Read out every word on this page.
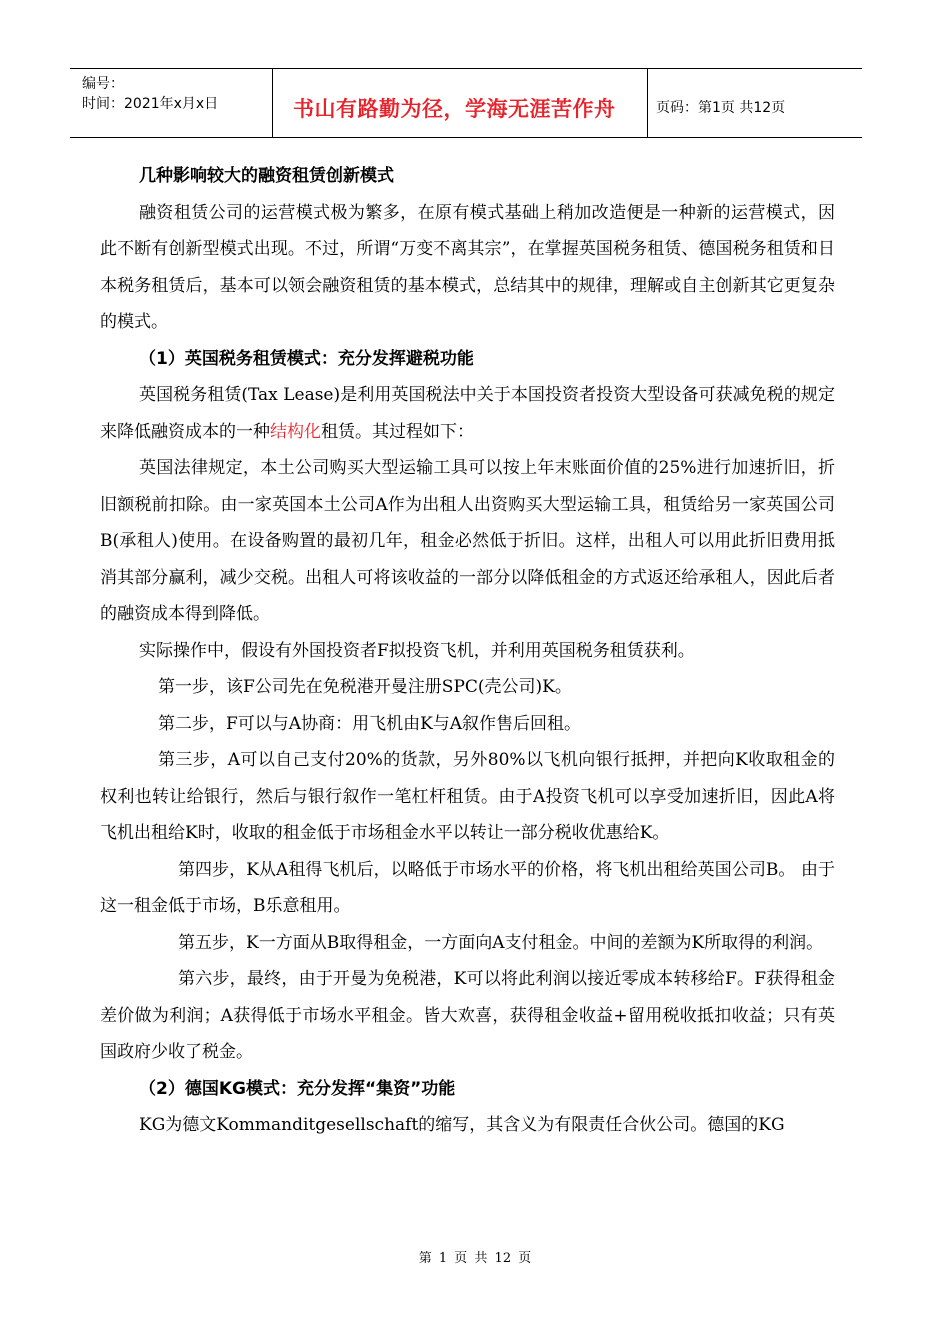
编号：
时间：2021年x月x日	书山有路勤为径，学海无涯苦作舟	页码：第1页 共12页

几种影响较大的融资租赁创新模式

融资租赁公司的运营模式极为繁多，在原有模式基础上稍加改造便是一种新的运营模式，因此不断有创新型模式出现。不过，所谓“万变不离其宗”，在掌握英国税务租赁、德国税务租赁和日本税务租赁后，基本可以领会融资租赁的基本模式，总结其中的规律，理解或自主创新其它更复杂的模式。

（1）英国税务租赁模式：充分发挥避税功能

英国税务租赁(Tax Lease)是利用英国税法中关于本国投资者投资大型设备可获减免税的规定来降低融资成本的一种结构化租赁。其过程如下：

英国法律规定，本土公司购买大型运输工具可以按上年末账面价值的25%进行加速折旧，折旧额税前扣除。由一家英国本土公司A作为出租人出资购买大型运输工具，租赁给另一家英国公司B(承租人)使用。在设备购置的最初几年，租金必然低于折旧。这样，出租人可以用此折旧费用抵消其部分赢利，减少交税。出租人可将该收益的一部分以降低租金的方式返还给承租人，因此后者的融资成本得到降低。

实际操作中，假设有外国投资者F拟投资飞机，并利用英国税务租赁获利。

第一步，该F公司先在免税港开曼注册SPC(壳公司)K。

第二步，F可以与A协商：用飞机由K与A叙作售后回租。

第三步，A可以自己支付20%的货款，另外80%以飞机向银行抵押，并把向K收取租金的权利也转让给银行，然后与银行叙作一笔杠杆租赁。由于A投资飞机可以享受加速折旧，因此A将飞机出租给K时，收取的租金低于市场租金水平以转让一部分税收优惠给K。

第四步，K从A租得飞机后，以略低于市场水平的价格，将飞机出租给英国公司B。 由于这一租金低于市场，B乐意租用。

第五步，K一方面从B取得租金，一方面向A支付租金。中间的差额为K所取得的利润。

第六步，最终，由于开曼为免税港，K可以将此利润以接近零成本转移给F。F获得租金差价做为利润；A获得低于市场水平租金。皆大欢喜，获得租金收益+留用税收抵扣收益；只有英国政府少收了税金。

（2）德国KG模式：充分发挥“集资”功能

KG为德文Kommanditgesellschaft的缩写，其含义为有限责任合伙公司。德国的KG

第 1 页 共 12 页
